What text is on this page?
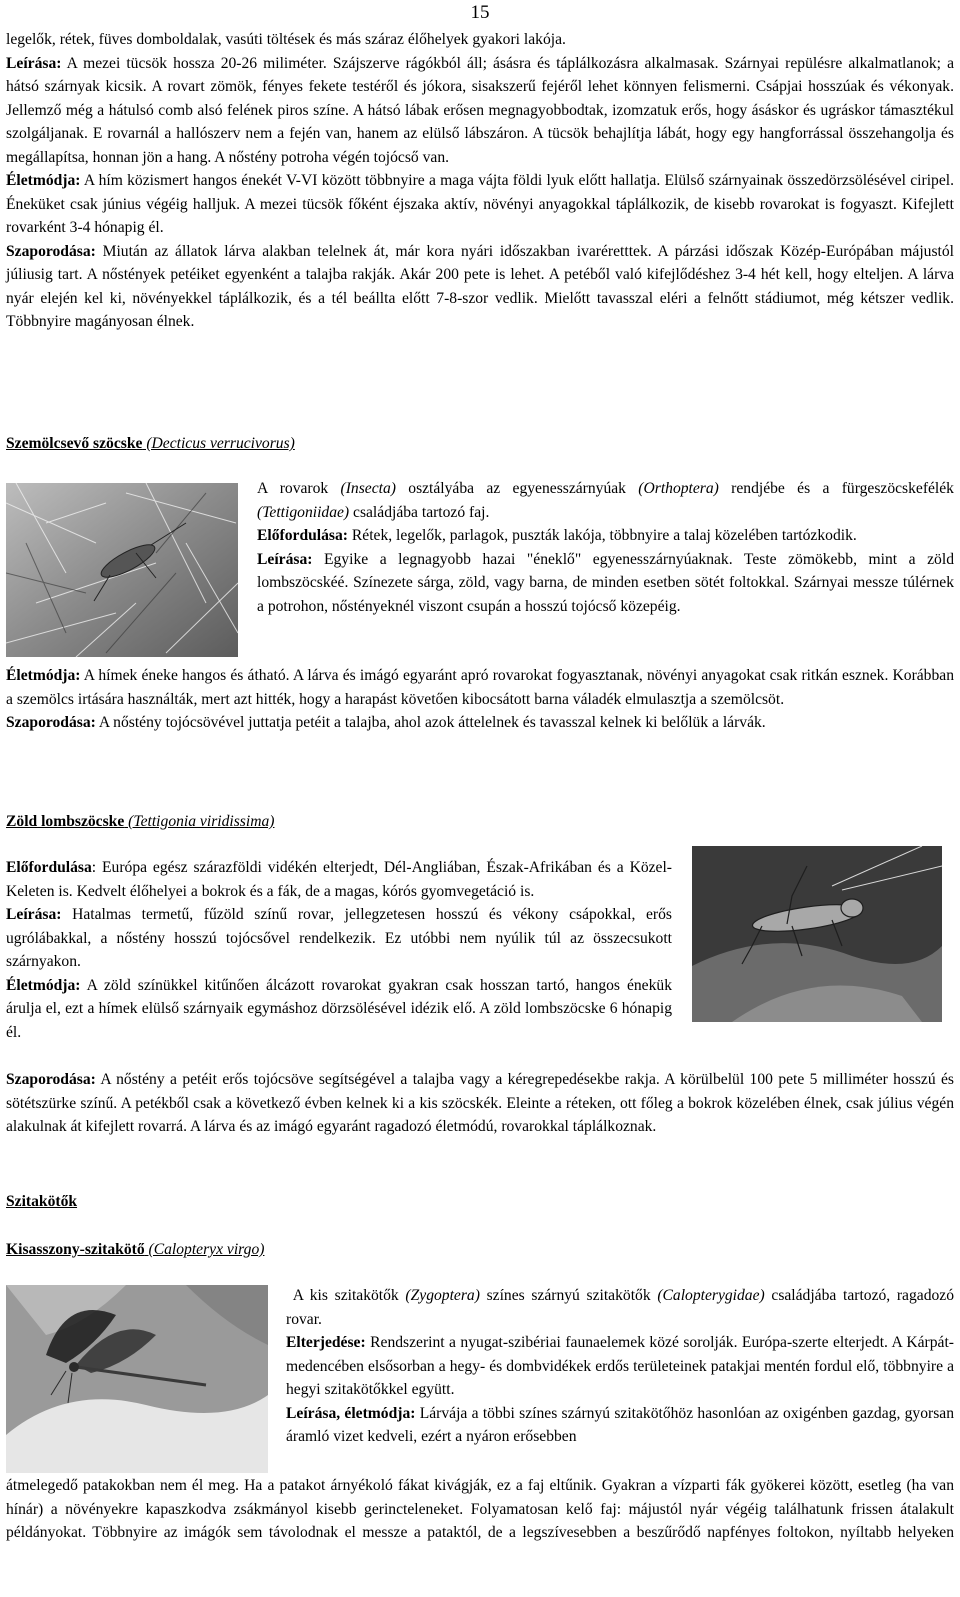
15

legelők, rétek, füves domboldalak, vasúti töltések és más száraz élőhelyek gyakori lakója.

Leírása: A mezei tücsök hossza 20-26 miliméter. Szájszerve rágókból áll; ásásra és táplálkozásra alkalmasak. Szárnyai repülésre alkalmatlanok; a hátsó szárnyak kicsik. A rovart zömök, fényes fekete testéről és jókora, sisakszerű fejéről lehet könnyen felismerni. Csápjai hosszúak és vékonyak. Jellemző még a hátulsó comb alsó felének piros színe. A hátsó lábak erősen megnagyobbodtak, izomzatuk erős, hogy ásáskor és ugráskor támasztékul szolgáljanak. E rovarnál a hallószerv nem a fején van, hanem az elülső lábszáron. A tücsök behajlítja lábát, hogy egy hangforrással összehangolja és megállapítsa, honnan jön a hang. A nőstény potroha végén tojócső van.

Életmódja: A hím közismert hangos énekét V-VI között többnyire a maga vájta földi lyuk előtt hallatja. Elülső szárnyainak összedörzsölésével ciripel. Éneküket csak június végéig halljuk. A mezei tücsök főként éjszaka aktív, növényi anyagokkal táplálkozik, de kisebb rovarokat is fogyaszt. Kifejlett rovarként 3-4 hónapig él.

Szaporodása: Miután az állatok lárva alakban telelnek át, már kora nyári időszakban ivaréretttek. A párzási időszak Közép-Európában májustól júliusig tart. A nőstények petéiket egyenként a talajba rakják. Akár 200 pete is lehet. A petéből való kifejlődéshez 3-4 hét kell, hogy elteljen. A lárva nyár elején kel ki, növényekkel táplálkozik, és a tél beállta előtt 7-8-szor vedlik. Mielőtt tavasszal eléri a felnőtt stádiumot, még kétszer vedlik. Többnyire magányosan élnek.

Szemölcsevő szöcske (Decticus verrucivorus)

A rovarok (Insecta) osztályába az egyenesszárnyúak (Orthoptera) rendjébe és a fürgeszöcskefélék (Tettigoniidae) családjába tartozó faj.

Előfordulása: Rétek, legelők, parlagok, puszták lakója, többnyire a talaj közelében tartózkodik.

Leírása: Egyike a legnagyobb hazai "éneklő" egyenesszárnyúaknak. Teste zömökebb, mint a zöld lombszöcskéé. Színezete sárga, zöld, vagy barna, de minden esetben sötét foltokkal. Szárnyai messze túlérnek a potrohon, nőstényeknél viszont csupán a hosszú tojócső közepéig.

Életmódja: A hímek éneke hangos és átható. A lárva és imágó egyaránt apró rovarokat fogyasztanak, növényi anyagokat csak ritkán esznek. Korábban a szemölcs irtására használták, mert azt hitték, hogy a harapást követően kibocsátott barna váladék elmulasztja a szemölcsöt.

Szaporodása: A nőstény tojócsövével juttatja petéit a talajba, ahol azok áttelelnek és tavasszal kelnek ki belőlük a lárvák.

Zöld lombszöcske (Tettigonia viridissima)

Előfordulása: Európa egész szárazföldi vidékén elterjedt, Dél-Angliában, Észak-Afrikában és a Közel-Keleten is. Kedvelt élőhelyei a bokrok és a fák, de a magas, kórós gyomvegetáció is.

Leírása: Hatalmas termetű, fűzöld színű rovar, jellegzetesen hosszú és vékony csápokkal, erős ugrólábakkal, a nőstény hosszú tojócsővel rendelkezik. Ez utóbbi nem nyúlik túl az összecsukott szárnyakon.

Életmódja: A zöld színükkel kitűnően álcázott rovarokat gyakran csak hosszan tartó, hangos énekük árulja el, ezt a hímek elülső szárnyaik egymáshoz dörzsölésével idézik elő. A zöld lombszöcske 6 hónapig él.

Szaporodása: A nőstény a petéit erős tojócsöve segítségével a talajba vagy a kéregrepedésekbe rakja. A körülbelül 100 pete 5 milliméter hosszú és sötétszürke színű. A petékből csak a következő évben kelnek ki a kis szöcskék. Eleinte a réteken, ott főleg a bokrok közelében élnek, csak július végén alakulnak át kifejlett rovarrá. A lárva és az imágó egyaránt ragadozó életmódú, rovarokkal táplálkoznak.

Szitakötők
Kisasszony-szitakötő (Calopteryx virgo)

A kis szitakötők (Zygoptera) színes szárnyú szitakötők (Calopterygidae) családjába tartozó, ragadozó rovar.

Elterjedése: Rendszerint a nyugat-szibériai faunaelemek közé sorolják. Európa-szerte elterjedt. A Kárpát-medencében elsősorban a hegy- és dombvidékek erdős területeinek patakjai mentén fordul elő, többnyire a hegyi szitakötőkkel együtt.

Leírása, életmódja: Lárvája a többi színes szárnyú szitakötőhöz hasonlóan az oxigénben gazdag, gyorsan áramló vizet kedveli, ezért a nyáron erősebben

átmelegedő patakokban nem él meg. Ha a patakot árnyékoló fákat kivágják, ez a faj eltűnik. Gyakran a vízparti fák gyökerei között, esetleg (ha van hínár) a növényekre kapaszkodva zsákmányol kisebb gerincteleneket. Folyamatosan kelő faj: májustól nyár végéig találhatunk frissen átalakult példányokat. Többnyire az imágók sem távolodnak el messze a pataktól, de a legszívesebben a beszűrődő napfényes foltokon, nyíltabb helyeken
